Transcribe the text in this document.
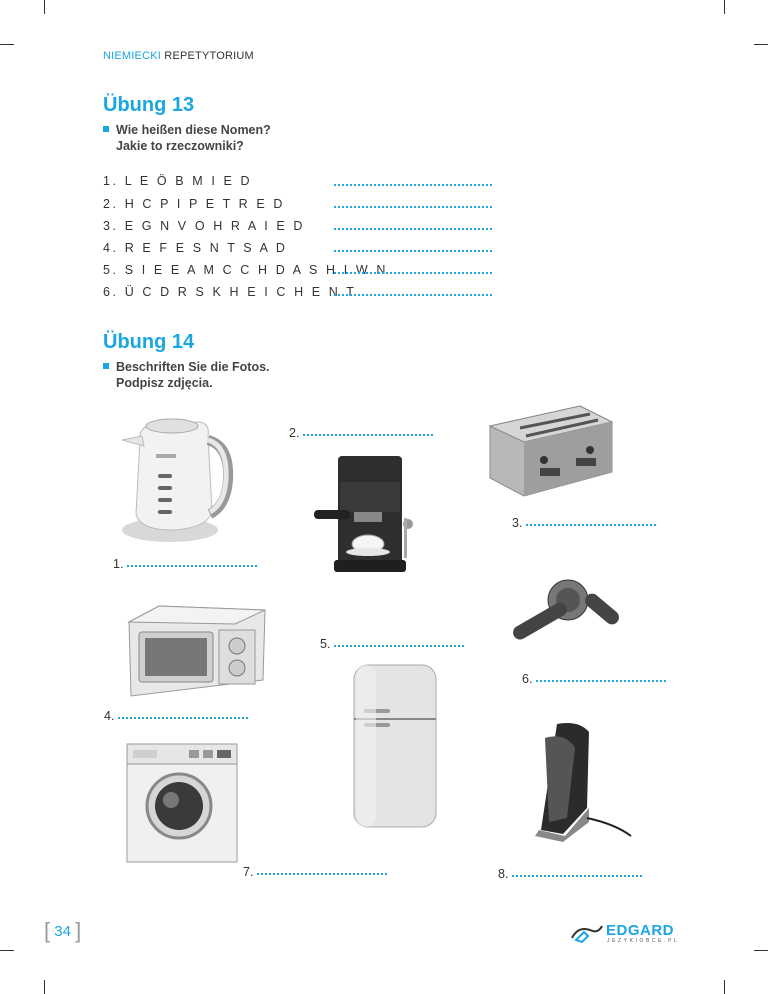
NIEMIECKI REPETYTORIUM
Übung 13
Wie heißen diese Nomen?
Jakie to rzeczowniki?
1. L E Ö B M I E D
2. H C P I P E T R E D
3. E G N V O H R A I E D
4. R E F E S N T S A D
5. S I E E A M C C H D A S H I W N
6. Ü C D R S K H E I C H E N T
Übung 14
Beschriften Sie die Fotos.
Podpisz zdjęcia.
2.
3.
1.
5.
6.
4.
7.	8.
[ 34 ]	EDGARD
JEZYKIOBCE.PL
